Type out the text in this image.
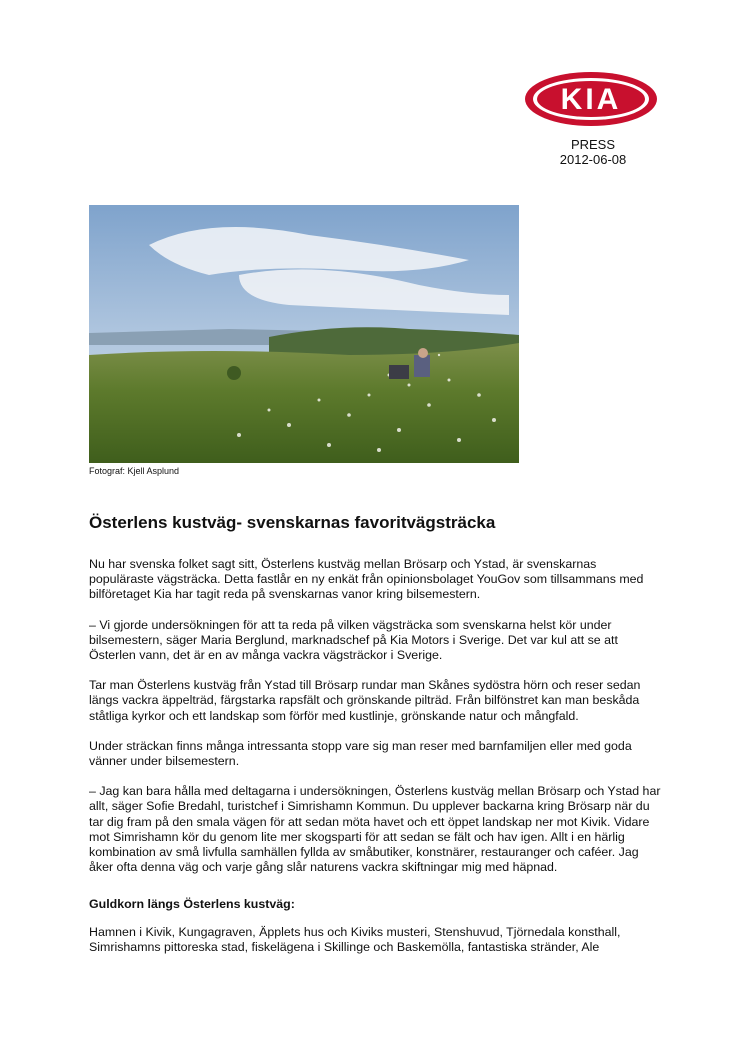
KIA
PRESS
2012-06-08
Fotograf: Kjell Asplund
Österlens kustväg- svenskarnas favoritvägsträcka

Nu har svenska folket sagt sitt, Österlens kustväg mellan Brösarp och Ystad, är svenskarnas populäraste vägsträcka. Detta fastlår en ny enkät från opinionsbolaget YouGov som tillsammans med bilföretaget Kia har tagit reda på svenskarnas vanor kring bilsemestern.

– Vi gjorde undersökningen för att ta reda på vilken vägsträcka som svenskarna helst kör under bilsemestern, säger Maria Berglund, marknadschef på Kia Motors i Sverige. Det var kul att se att Österlen vann, det är en av många vackra vägsträckor i Sverige.

Tar man Österlens kustväg från Ystad till Brösarp rundar man Skånes sydöstra hörn och reser sedan längs vackra äppelträd, färgstarka rapsfält och grönskande pilträd. Från bilfönstret kan man beskåda ståtliga kyrkor och ett landskap som förför med kustlinje, grönskande natur och mångfald.

Under sträckan finns många intressanta stopp vare sig man reser med barnfamiljen eller med goda vänner under bilsemestern.

– Jag kan bara hålla med deltagarna i undersökningen, Österlens kustväg mellan Brösarp och Ystad har allt, säger Sofie Bredahl, turistchef i Simrishamn Kommun. Du upplever backarna kring Brösarp när du tar dig fram på den smala vägen för att sedan möta havet och ett öppet landskap ner mot Kivik. Vidare mot Simrishamn kör du genom lite mer skogsparti för att sedan se fält och hav igen. Allt i en härlig kombination av små livfulla samhällen fyllda av småbutiker, konstnärer, restauranger och caféer. Jag åker ofta denna väg och varje gång slår naturens vackra skiftningar mig med häpnad.

Guldkorn längs Österlens kustväg:

Hamnen i Kivik, Kungagraven, Äpplets hus och Kiviks musteri, Stenshuvud, Tjörnedala konsthall, Simrishamns pittoreska stad, fiskelägena i Skillinge och Baskemölla, fantastiska stränder, Ale
